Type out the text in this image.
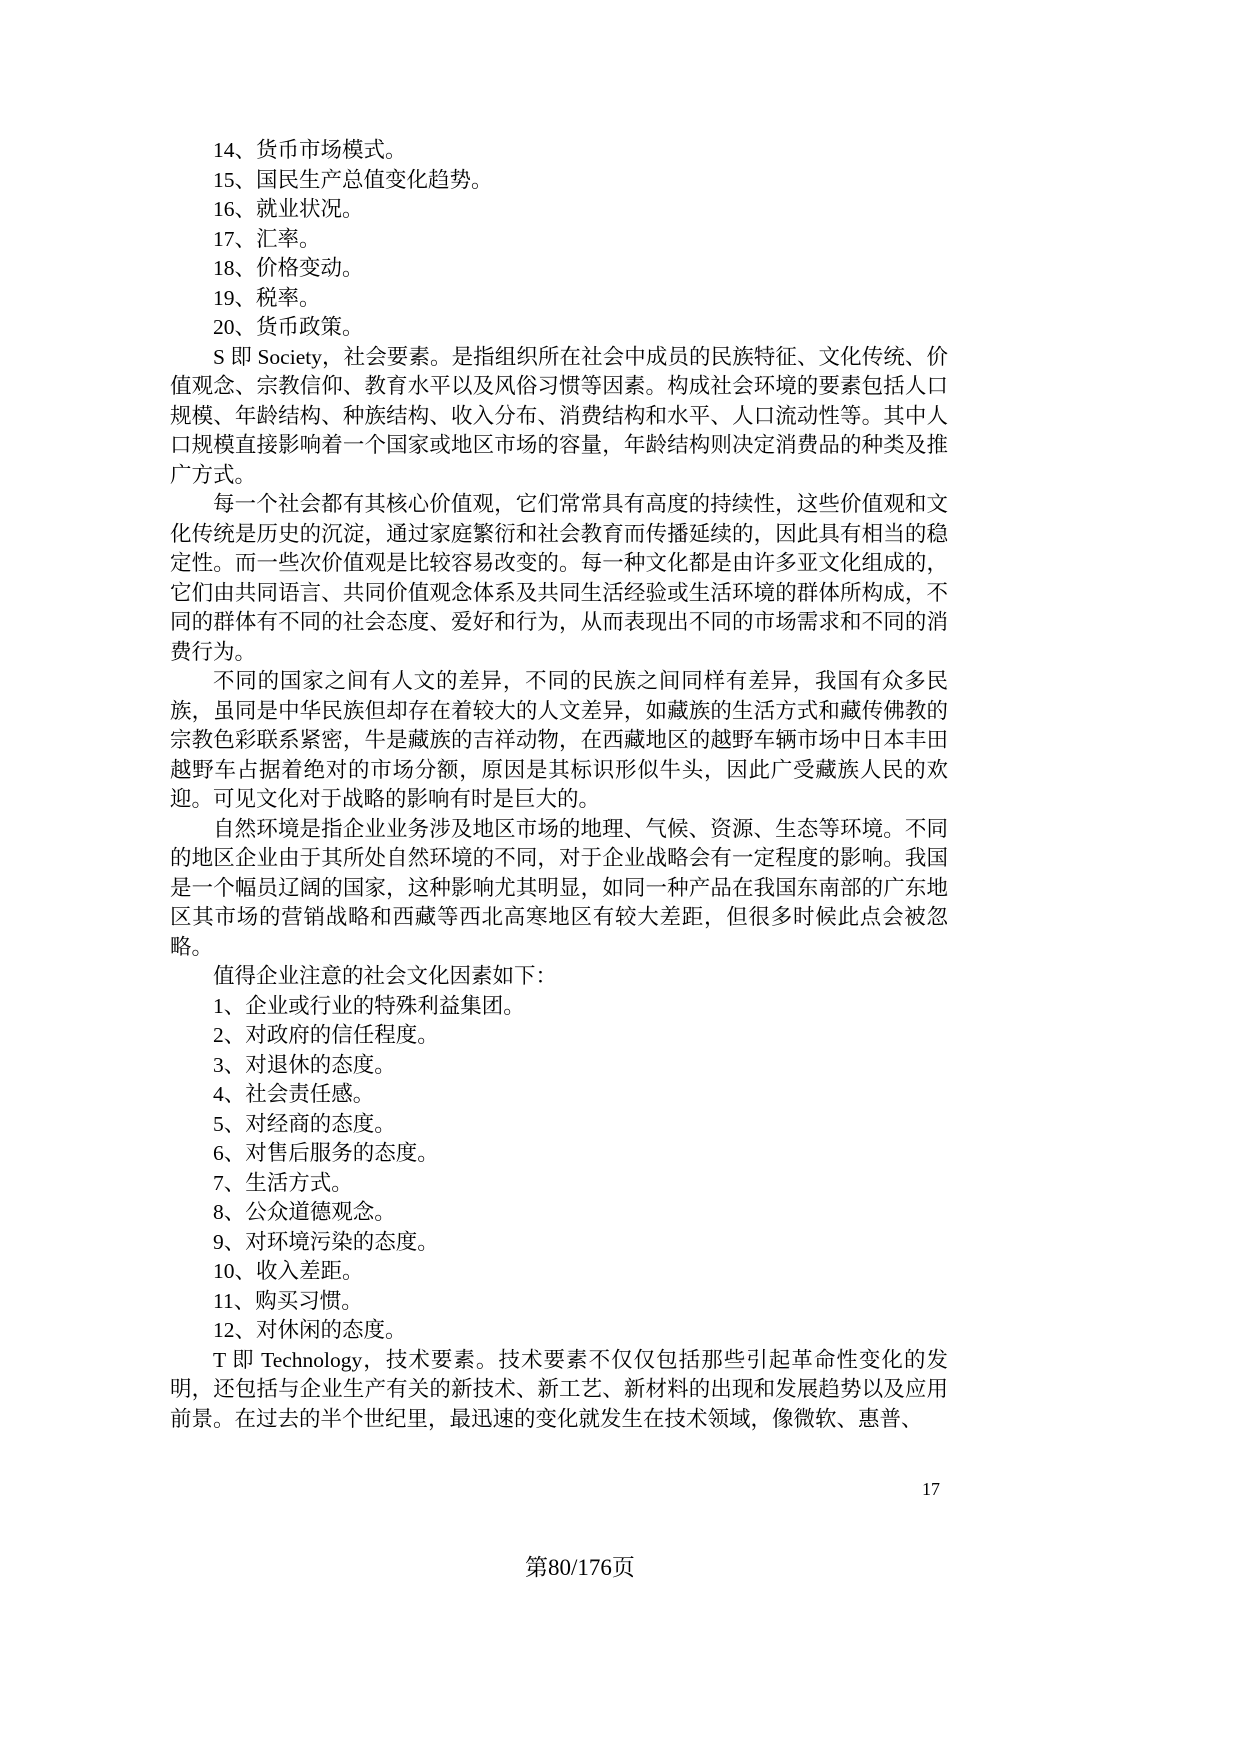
14、货币市场模式。

15、国民生产总值变化趋势。

16、就业状况。

17、汇率。

18、价格变动。

19、税率。

20、货币政策。

S 即 Society，社会要素。是指组织所在社会中成员的民族特征、文化传统、价值观念、宗教信仰、教育水平以及风俗习惯等因素。构成社会环境的要素包括人口规模、年龄结构、种族结构、收入分布、消费结构和水平、人口流动性等。其中人口规模直接影响着一个国家或地区市场的容量，年龄结构则决定消费品的种类及推广方式。

每一个社会都有其核心价值观，它们常常具有高度的持续性，这些价值观和文化传统是历史的沉淀，通过家庭繁衍和社会教育而传播延续的，因此具有相当的稳定性。而一些次价值观是比较容易改变的。每一种文化都是由许多亚文化组成的，它们由共同语言、共同价值观念体系及共同生活经验或生活环境的群体所构成，不同的群体有不同的社会态度、爱好和行为，从而表现出不同的市场需求和不同的消费行为。

不同的国家之间有人文的差异，不同的民族之间同样有差异，我国有众多民族，虽同是中华民族但却存在着较大的人文差异，如藏族的生活方式和藏传佛教的宗教色彩联系紧密，牛是藏族的吉祥动物，在西藏地区的越野车辆市场中日本丰田越野车占据着绝对的市场分额，原因是其标识形似牛头，因此广受藏族人民的欢迎。可见文化对于战略的影响有时是巨大的。

自然环境是指企业业务涉及地区市场的地理、气候、资源、生态等环境。不同的地区企业由于其所处自然环境的不同，对于企业战略会有一定程度的影响。我国是一个幅员辽阔的国家，这种影响尤其明显，如同一种产品在我国东南部的广东地区其市场的营销战略和西藏等西北高寒地区有较大差距，但很多时候此点会被忽略。

值得企业注意的社会文化因素如下：

1、企业或行业的特殊利益集团。

2、对政府的信任程度。

3、对退休的态度。

4、社会责任感。

5、对经商的态度。

6、对售后服务的态度。

7、生活方式。

8、公众道德观念。

9、对环境污染的态度。

10、收入差距。

11、购买习惯。

12、对休闲的态度。

T 即 Technology，技术要素。技术要素不仅仅包括那些引起革命性变化的发明，还包括与企业生产有关的新技术、新工艺、新材料的出现和发展趋势以及应用前景。在过去的半个世纪里，最迅速的变化就发生在技术领域，像微软、惠普、

17
第80/176页
